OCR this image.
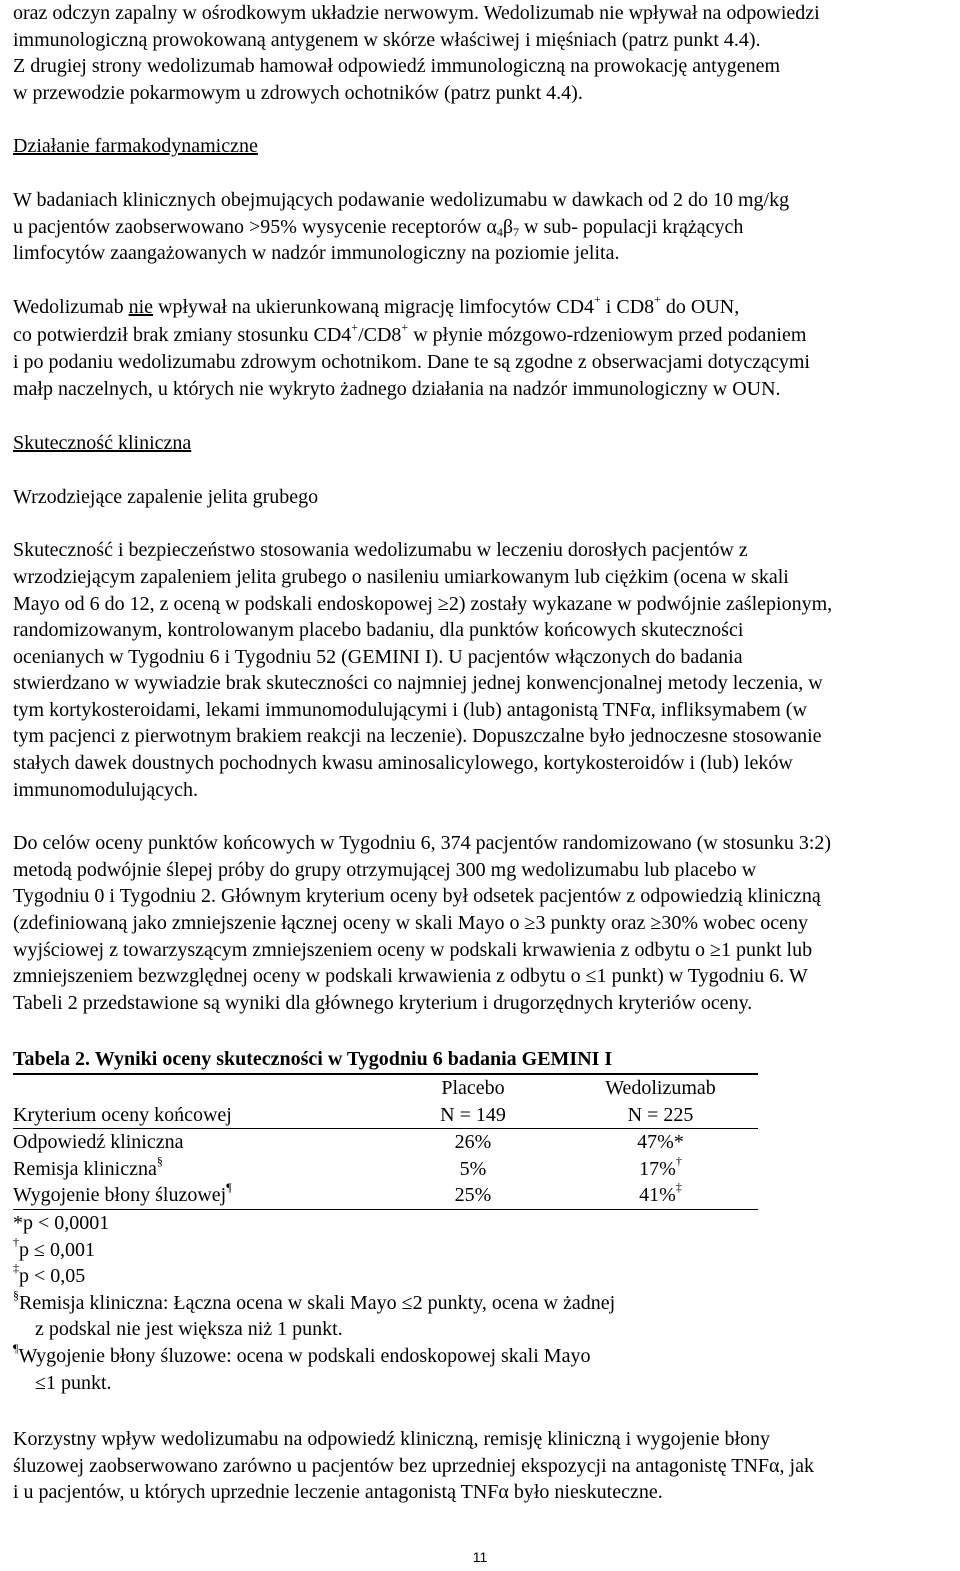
oraz odczyn zapalny w ośrodkowym układzie nerwowym. Wedolizumab nie wpływał na odpowiedzi

immunologiczną prowokowaną antygenem w skórze właściwej i mięśniach (patrz punkt 4.4).

Z drugiej strony wedolizumab hamował odpowiedź immunologiczną na prowokację antygenem

w przewodzie pokarmowym u zdrowych ochotników (patrz punkt 4.4).

Działanie farmakodynamiczne

W badaniach klinicznych obejmujących podawanie wedolizumabu w dawkach od 2 do 10 mg/kg

u pacjentów zaobserwowano >95% wysycenie receptorów $\alpha_4\beta_7$ w sub- populacji krążących

limfocytów zaangażowanych w nadzór immunologiczny na poziomie jelita.

Wedolizumab nie wpływał na ukierunkowaną migrację limfocytów CD4+ i CD8+ do OUN,

co potwierdził brak zmiany stosunku CD4+/CD8+ w płynie mózgowo-rdzeniowym przed podaniem

i po podaniu wedolizumabu zdrowym ochotnikom. Dane te są zgodne z obserwacjami dotyczącymi

małp naczelnych, u których nie wykryto żadnego działania na nadzór immunologiczny w OUN.

Skuteczność kliniczna

Wrzodziejące zapalenie jelita grubego

Skuteczność i bezpieczeństwo stosowania wedolizumabu w leczeniu dorosłych pacjentów z

wrzodziejącym zapaleniem jelita grubego o nasileniu umiarkowanym lub ciężkim (ocena w skali

Mayo od 6 do 12, z oceną w podskali endoskopowej ≥2) zostały wykazane w podwójnie zaślepionym,

randomizowanym, kontrolowanym placebo badaniu, dla punktów końcowych skuteczności

ocenianych w Tygodniu 6 i Tygodniu 52 (GEMINI I). U pacjentów włączonych do badania

stwierdzano w wywiadzie brak skuteczności co najmniej jednej konwencjonalnej metody leczenia, w

tym kortykosteroidami, lekami immunomodulującymi i (lub) antagonistą TNFα, infliksymabem (w

tym pacjenci z pierwotnym brakiem reakcji na leczenie). Dopuszczalne było jednoczesne stosowanie

stałych dawek doustnych pochodnych kwasu aminosalicylowego, kortykosteroidów i (lub) leków

immunomodulujących.

Do celów oceny punktów końcowych w Tygodniu 6, 374 pacjentów randomizowano (w stosunku 3:2)

metodą podwójnie ślepej próby do grupy otrzymującej 300 mg wedolizumabu lub placebo w

Tygodniu 0 i Tygodniu 2. Głównym kryterium oceny był odsetek pacjentów z odpowiedzią kliniczną

(zdefiniowaną jako zmniejszenie łącznej oceny w skali Mayo o ≥3 punkty oraz ≥30% wobec oceny

wyjściowej z towarzyszącym zmniejszeniem oceny w podskali krwawienia z odbytu o ≥1 punkt lub

zmniejszeniem bezwzględnej oceny w podskali krwawienia z odbytu o ≤1 punkt) w Tygodniu 6. W

Tabeli 2 przedstawione są wyniki dla głównego kryterium i drugorzędnych kryteriów oceny.

Tabela 2. Wyniki oceny skuteczności w Tygodniu 6 badania GEMINI I

	Placebo	Wedolizumab
Kryterium oceny końcowej	N = 149	N = 225
Odpowiedź kliniczna	26%	47%*
Remisja kliniczna§	5%	17%†
Wygojenie błony śluzowej¶	25%	41%‡

*p < 0,0001

†p ≤ 0,001

‡p < 0,05

§Remisja kliniczna: Łączna ocena w skali Mayo ≤2 punkty, ocena w żadnej

z podskal nie jest większa niż 1 punkt.

¶Wygojenie błony śluzowe: ocena w podskali endoskopowej skali Mayo

≤1 punkt.

Korzystny wpływ wedolizumabu na odpowiedź kliniczną, remisję kliniczną i wygojenie błony

śluzowej zaobserwowano zarówno u pacjentów bez uprzedniej ekspozycji na antagonistę TNFα, jak

i u pacjentów, u których uprzednie leczenie antagonistą TNFα było nieskuteczne.

11
